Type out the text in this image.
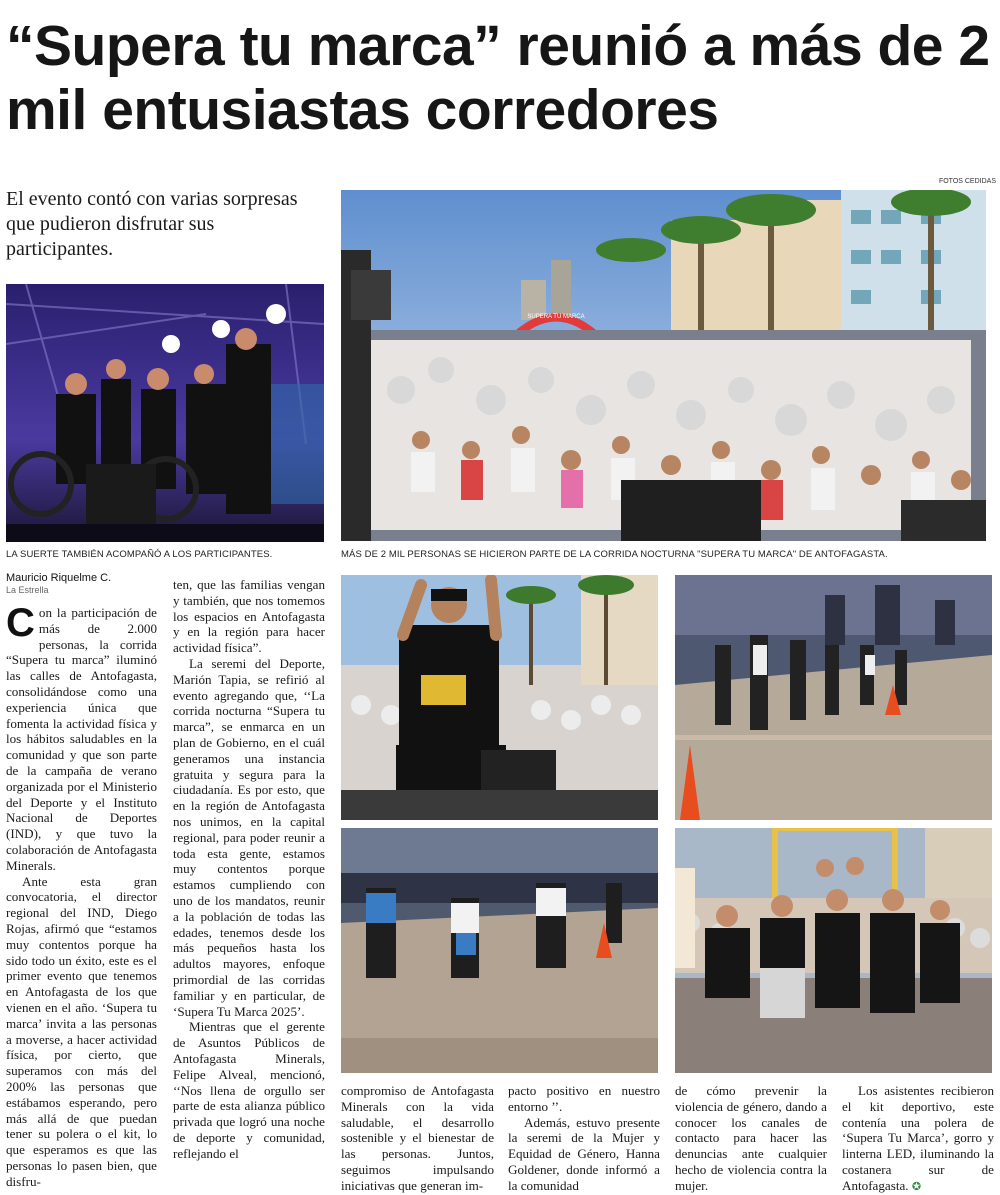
“Supera tu marca” reunió a más de 2 mil entusiastas corredores
El evento contó con varias sorpresas que pudieron disfrutar sus participantes.
FOTOS CEDIDAS
LA SUERTE TAMBIÉN ACOMPAÑÓ A LOS PARTICIPANTES.
SUPERA TU MARCA
MÁS DE 2 MIL PERSONAS SE HICIERON PARTE DE LA CORRIDA NOCTURNA "SUPERA TU MARCA" DE ANTOFAGASTA.
Mauricio Riquelme C.
La Estrella

Con la participación de más de 2.000 personas, la corrida “Supera tu marca” iluminó las calles de Antofagasta, consolidándose como una experiencia única que fomenta la actividad física y los hábitos saludables en la comunidad y que son parte de la campaña de verano organizada por el Ministerio del Deporte y el Instituto Nacional de Deportes (IND), y que tuvo la colaboración de Antofagasta Minerals.

Ante esta gran convocatoria, el director regional del IND, Diego Rojas, afirmó que “estamos muy contentos porque ha sido todo un éxito, este es el primer evento que tenemos en Antofagasta de los que vienen en el año. ‘Supera tu marca’ invita a las personas a moverse, a hacer actividad física, por cierto, que superamos con más del 200% las personas que estábamos esperando, pero más allá de que puedan tener su polera o el kit, lo que esperamos es que las personas lo pasen bien, que disfru-

ten, que las familias vengan y también, que nos tomemos los espacios en Antofagasta y en la región para hacer actividad física”.

La seremi del Deporte, Marión Tapia, se refirió al evento agregando que, ‘‘La corrida nocturna “Supera tu marca”, se enmarca en un plan de Gobierno, en el cuál generamos una instancia gratuita y segura para la ciudadanía. Es por esto, que en la región de Antofagasta nos unimos, en la capital regional, para poder reunir a toda esta gente, estamos muy contentos porque estamos cumpliendo con uno de los mandatos, reunir a la población de todas las edades, tenemos desde los más pequeños hasta los adultos mayores, enfoque primordial de las corridas familiar y en particular, de ‘Supera Tu Marca 2025’.

Mientras que el gerente de Asuntos Públicos de Antofagasta Minerals, Felipe Alveal, mencionó, ‘‘Nos llena de orgullo ser parte de esta alianza público privada que logró una noche de deporte y comunidad, reflejando el

compromiso de Antofagasta Minerals con la vida saludable, el desarrollo sostenible y el bienestar de las personas. Juntos, seguimos impulsando iniciativas que generan im-

pacto positivo en nuestro entorno ’’.

Además, estuvo presente la seremi de la Mujer y Equidad de Género, Hanna Goldener, donde informó a la comunidad

de cómo prevenir la violencia de género, dando a conocer los canales de contacto para hacer las denuncias ante cualquier hecho de violencia contra la mujer.

Los asistentes recibieron el kit deportivo, este contenía una polera de ‘Supera Tu Marca’, gorro y linterna LED, iluminando la costanera sur de Antofagasta. ✪
